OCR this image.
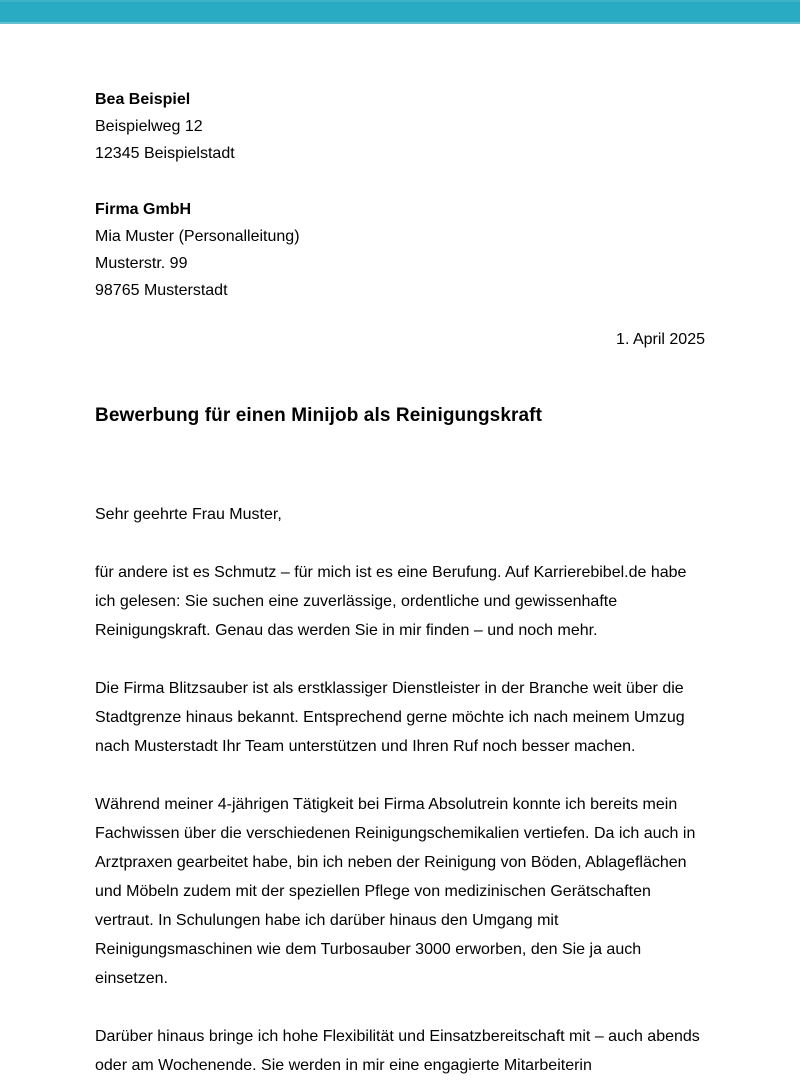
Bea Beispiel
Beispielweg 12
12345 Beispielstadt
Firma GmbH
Mia Muster (Personalleitung)
Musterstr. 99
98765 Musterstadt
1. April 2025
Bewerbung für einen Minijob als Reinigungskraft
Sehr geehrte Frau Muster,

für andere ist es Schmutz – für mich ist es eine Berufung. Auf Karrierebibel.de habe ich gelesen: Sie suchen eine zuverlässige, ordentliche und gewissenhafte Reinigungskraft. Genau das werden Sie in mir finden – und noch mehr.

Die Firma Blitzsauber ist als erstklassiger Dienstleister in der Branche weit über die Stadtgrenze hinaus bekannt. Entsprechend gerne möchte ich nach meinem Umzug nach Musterstadt Ihr Team unterstützen und Ihren Ruf noch besser machen.

Während meiner 4-jährigen Tätigkeit bei Firma Absolutrein konnte ich bereits mein Fachwissen über die verschiedenen Reinigungschemikalien vertiefen. Da ich auch in Arztpraxen gearbeitet habe, bin ich neben der Reinigung von Böden, Ablageflächen und Möbeln zudem mit der speziellen Pflege von medizinischen Gerätschaften vertraut. In Schulungen habe ich darüber hinaus den Umgang mit Reinigungsmaschinen wie dem Turbosauber 3000 erworben, den Sie ja auch einsetzen.

Darüber hinaus bringe ich hohe Flexibilität und Einsatzbereitschaft mit – auch abends oder am Wochenende. Sie werden in mir eine engagierte Mitarbeiterin
